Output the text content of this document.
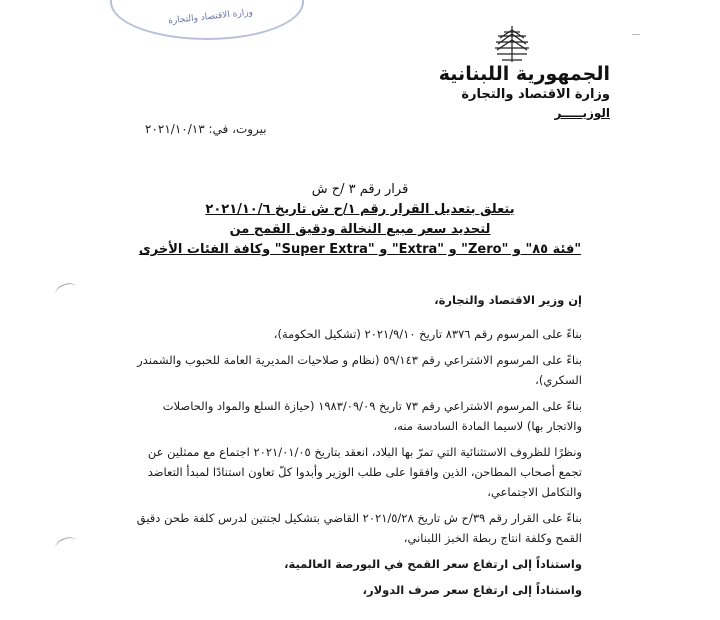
وزارة الاقتصاد والتجارة

الجمهورية اللبنانية

وزارة الاقتصاد والتجارة

الوزيـــــر

بيروت، في: ٢٠٢١/١٠/١٣
قرار رقم ٣ /ح ش
يتعلق بتعديل القرار رقم ١/ح ش تاريخ ٢٠٢١/١٠/٦
لتحديد سعر مبيع النخالة ودقيق القمح من
"فئة ٨٥" و "Zero" و "Extra" و "Super Extra" وكافة الفئات الأخرى

إن وزير الاقتصاد والتجارة،

بناءً على المرسوم رقم ٨٣٧٦ تاريخ ٢٠٢١/٩/١٠ (تشكيل الحكومة)،

بناءً على المرسوم الاشتراعي رقم ٥٩/١٤٣ (نظام و صلاحيات المديرية العامة للحبوب والشمندر السكري)،

بناءً على المرسوم الاشتراعي رقم ٧٣ تاريخ ١٩٨٣/٠٩/٠٩ (حيازة السلع والمواد والحاصلات والاتجار بها) لاسيما المادة السادسة منه،

ونظرًا للظروف الاستثنائية التي تمرّ بها البلاد، انعقد بتاريخ ٢٠٢١/٠١/٠٥ اجتماع مع ممثلين عن تجمع أصحاب المطاحن، الذين وافقوا على طلب الوزير وأبدوا كلّ تعاون استنادًا لمبدأ التعاضد والتكامل الاجتماعي،

بناءً على القرار رقم ٣٩/ح ش تاريخ ٢٠٢١/٥/٢٨ القاضي بتشكيل لجنتين لدرس كلفة طحن دقيق القمح وكلفة انتاج ربطة الخبز اللبناني،

واستناداً إلى ارتفاع سعر القمح في البورصة العالمية،

واستناداً إلى ارتفاع سعر صرف الدولار،
